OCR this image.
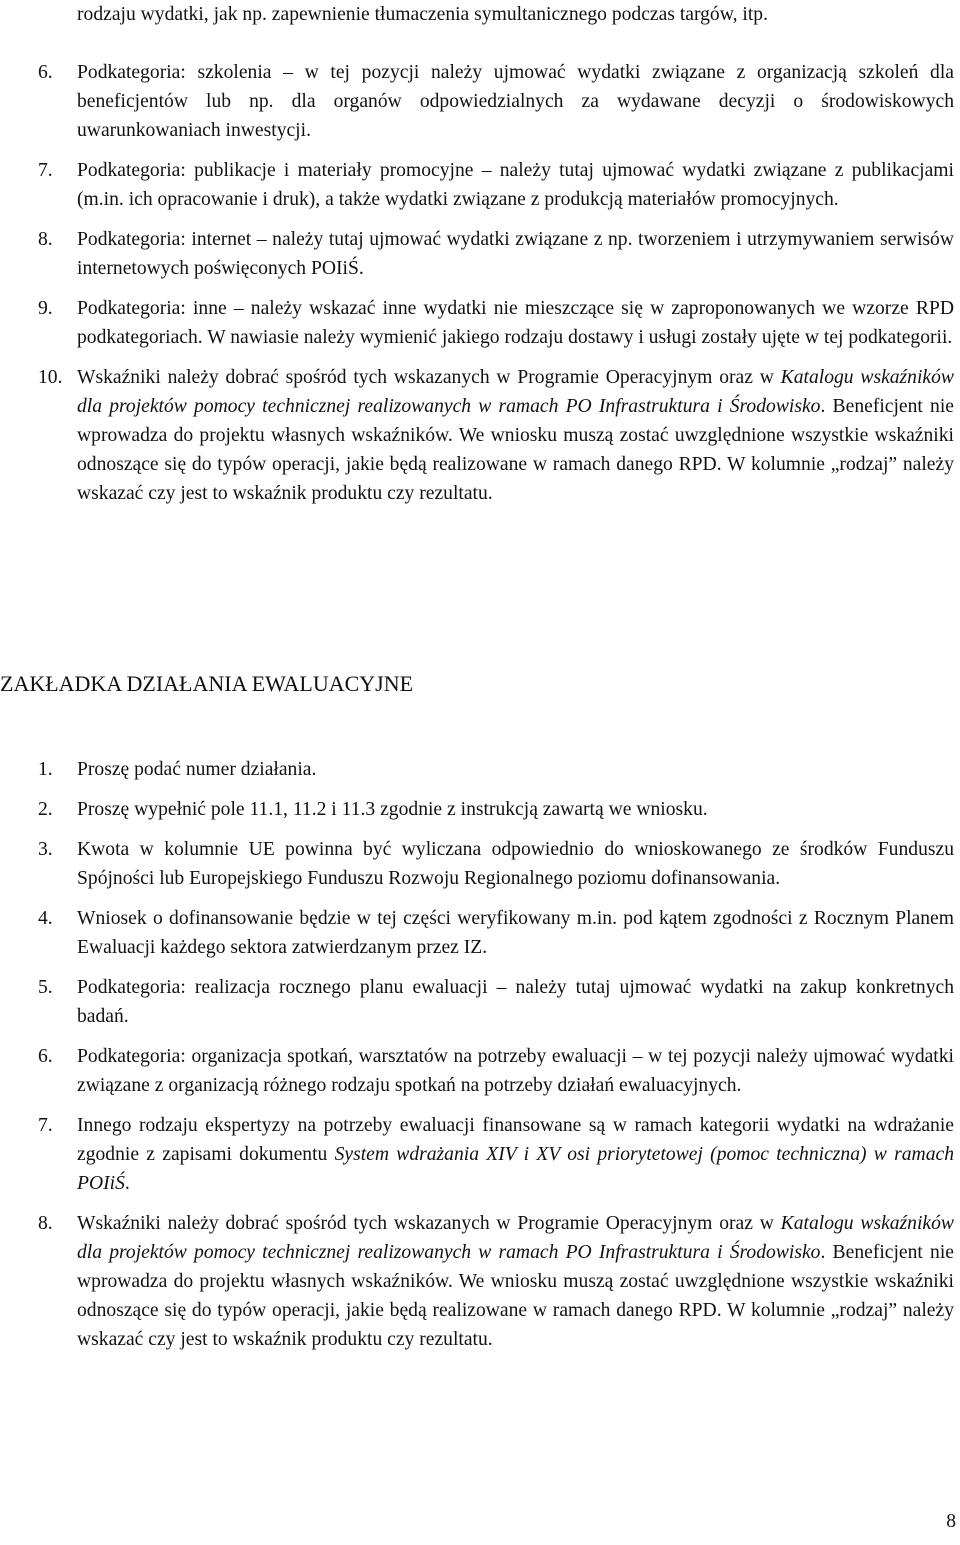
rodzaju wydatki, jak np. zapewnienie tłumaczenia symultanicznego podczas targów, itp.
6. Podkategoria: szkolenia – w tej pozycji należy ujmować wydatki związane z organizacją szkoleń dla beneficjentów lub np. dla organów odpowiedzialnych za wydawane decyzji o środowiskowych uwarunkowaniach inwestycji.
7. Podkategoria: publikacje i materiały promocyjne – należy tutaj ujmować wydatki związane z publikacjami (m.in. ich opracowanie i druk), a także wydatki związane z produkcją materiałów promocyjnych.
8. Podkategoria: internet – należy tutaj ujmować wydatki związane z np. tworzeniem i utrzymywaniem serwisów internetowych poświęconych POIiŚ.
9. Podkategoria: inne – należy wskazać inne wydatki nie mieszczące się w zaproponowanych we wzorze RPD podkategoriach. W nawiasie należy wymienić jakiego rodzaju dostawy i usługi zostały ujęte w tej podkategorii.
10. Wskaźniki należy dobrać spośród tych wskazanych w Programie Operacyjnym oraz w Katalogu wskaźników dla projektów pomocy technicznej realizowanych w ramach PO Infrastruktura i Środowisko. Beneficjent nie wprowadza do projektu własnych wskaźników. We wniosku muszą zostać uwzględnione wszystkie wskaźniki odnoszące się do typów operacji, jakie będą realizowane w ramach danego RPD. W kolumnie „rodzaj” należy wskazać czy jest to wskaźnik produktu czy rezultatu.
ZAKŁADKA DZIAŁANIA EWALUACYJNE
1. Proszę podać numer działania.
2. Proszę wypełnić pole 11.1, 11.2 i 11.3 zgodnie z instrukcją zawartą we wniosku.
3. Kwota w kolumnie UE powinna być wyliczana odpowiednio do wnioskowanego ze środków Funduszu Spójności lub Europejskiego Funduszu Rozwoju Regionalnego poziomu dofinansowania.
4. Wniosek o dofinansowanie będzie w tej części weryfikowany m.in. pod kątem zgodności z Rocznym Planem Ewaluacji każdego sektora zatwierdzanym przez IZ.
5. Podkategoria: realizacja rocznego planu ewaluacji – należy tutaj ujmować wydatki na zakup konkretnych badań.
6. Podkategoria: organizacja spotkań, warsztatów na potrzeby ewaluacji – w tej pozycji należy ujmować wydatki związane z organizacją różnego rodzaju spotkań na potrzeby działań ewaluacyjnych.
7. Innego rodzaju ekspertyzy na potrzeby ewaluacji finansowane są w ramach kategorii wydatki na wdrażanie zgodnie z zapisami dokumentu System wdrażania XIV i XV osi priorytetowej (pomoc techniczna) w ramach POIiŚ.
8. Wskaźniki należy dobrać spośród tych wskazanych w Programie Operacyjnym oraz w Katalogu wskaźników dla projektów pomocy technicznej realizowanych w ramach PO Infrastruktura i Środowisko. Beneficjent nie wprowadza do projektu własnych wskaźników. We wniosku muszą zostać uwzględnione wszystkie wskaźniki odnoszące się do typów operacji, jakie będą realizowane w ramach danego RPD. W kolumnie „rodzaj” należy wskazać czy jest to wskaźnik produktu czy rezultatu.
8
